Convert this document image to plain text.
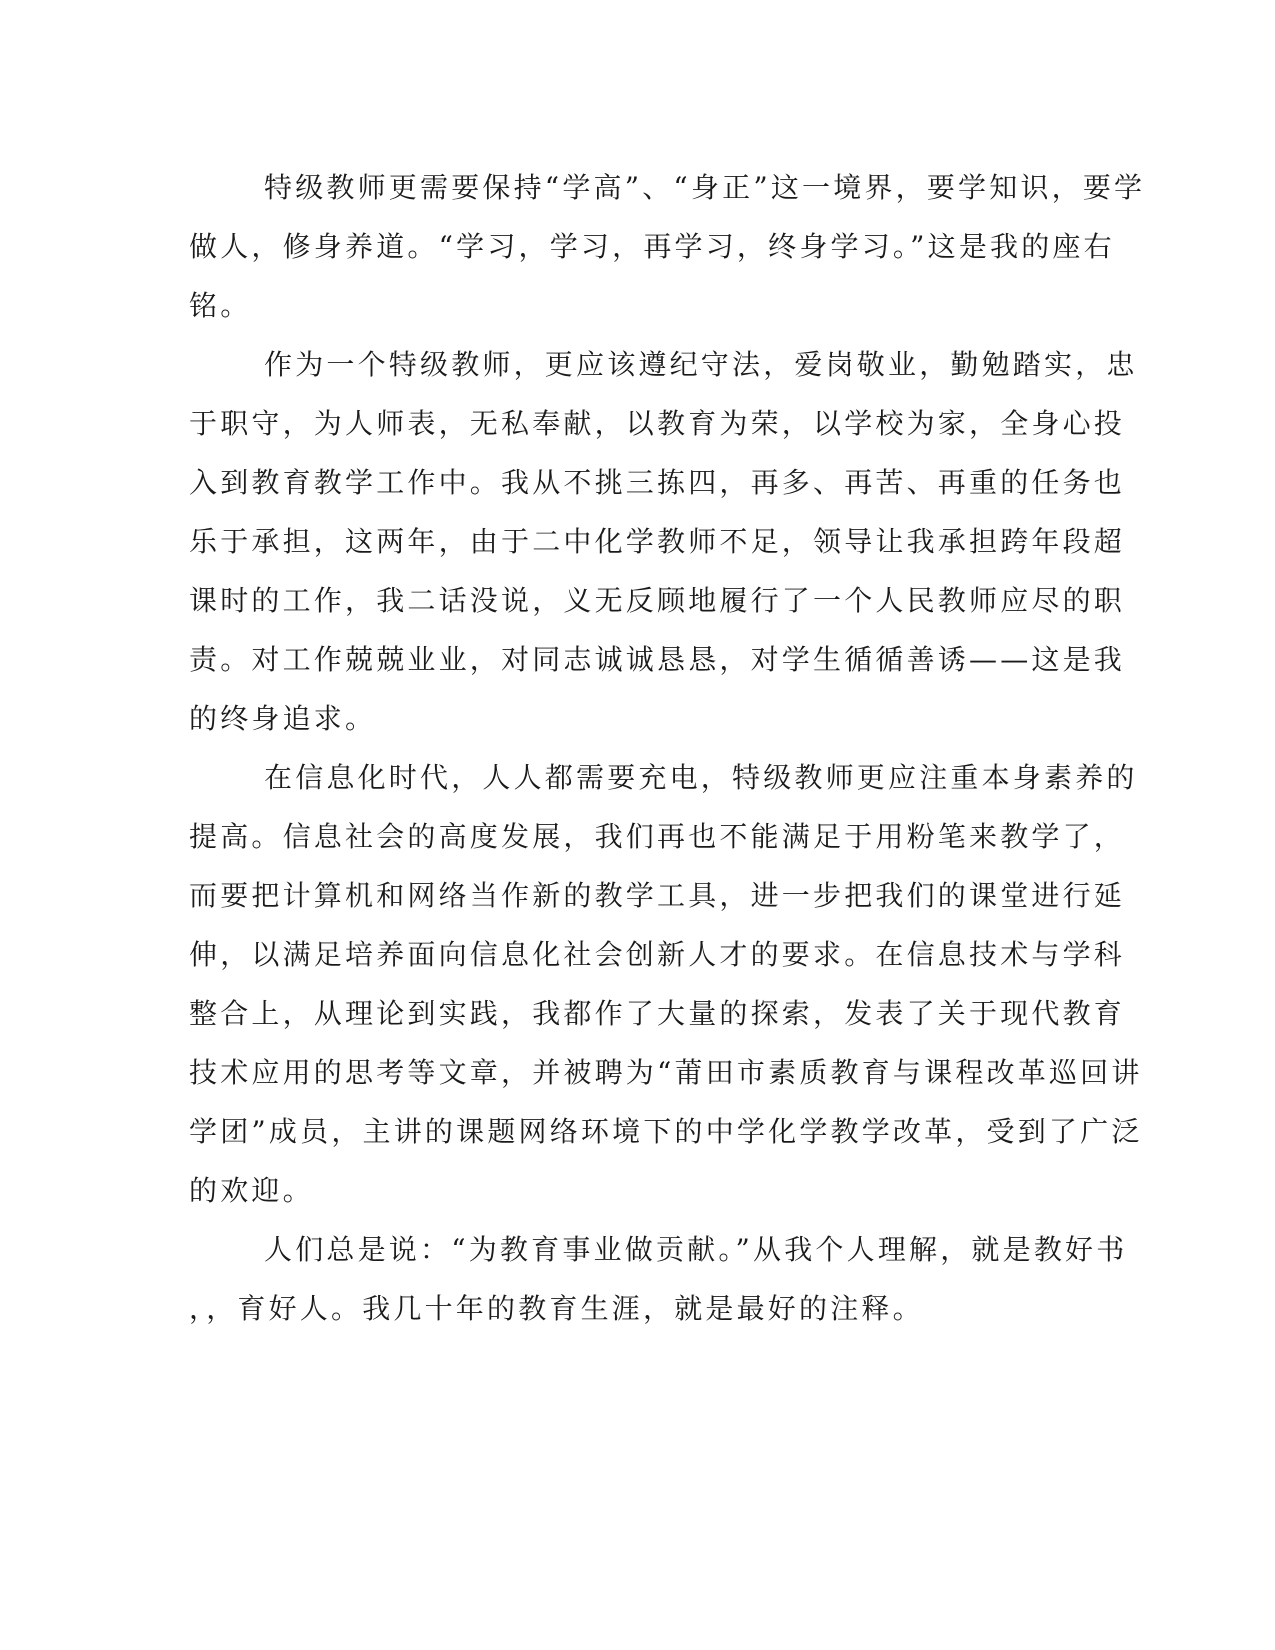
特级教师更需要保持“学高”、“身正”这一境界，要学知识，要学
做人，修身养道。“学习，学习，再学习，终身学习。”这是我的座右
铭。

作为一个特级教师，更应该遵纪守法，爱岗敬业，勤勉踏实，忠
于职守，为人师表，无私奉献，以教育为荣，以学校为家，全身心投
入到教育教学工作中。我从不挑三拣四，再多、再苦、再重的任务也
乐于承担，这两年，由于二中化学教师不足，领导让我承担跨年段超
课时的工作，我二话没说，义无反顾地履行了一个人民教师应尽的职
责。对工作兢兢业业，对同志诚诚恳恳，对学生循循善诱——这是我
的终身追求。

在信息化时代，人人都需要充电，特级教师更应注重本身素养的
提高。信息社会的高度发展，我们再也不能满足于用粉笔来教学了，
而要把计算机和网络当作新的教学工具，进一步把我们的课堂进行延
伸，以满足培养面向信息化社会创新人才的要求。在信息技术与学科
整合上，从理论到实践，我都作了大量的探索，发表了关于现代教育
技术应用的思考等文章，并被聘为“莆田市素质教育与课程改革巡回讲
学团”成员，主讲的课题网络环境下的中学化学教学改革，受到了广泛
的欢迎。

人们总是说：“为教育事业做贡献。”从我个人理解，就是教好书
，，育好人。我几十年的教育生涯，就是最好的注释。
